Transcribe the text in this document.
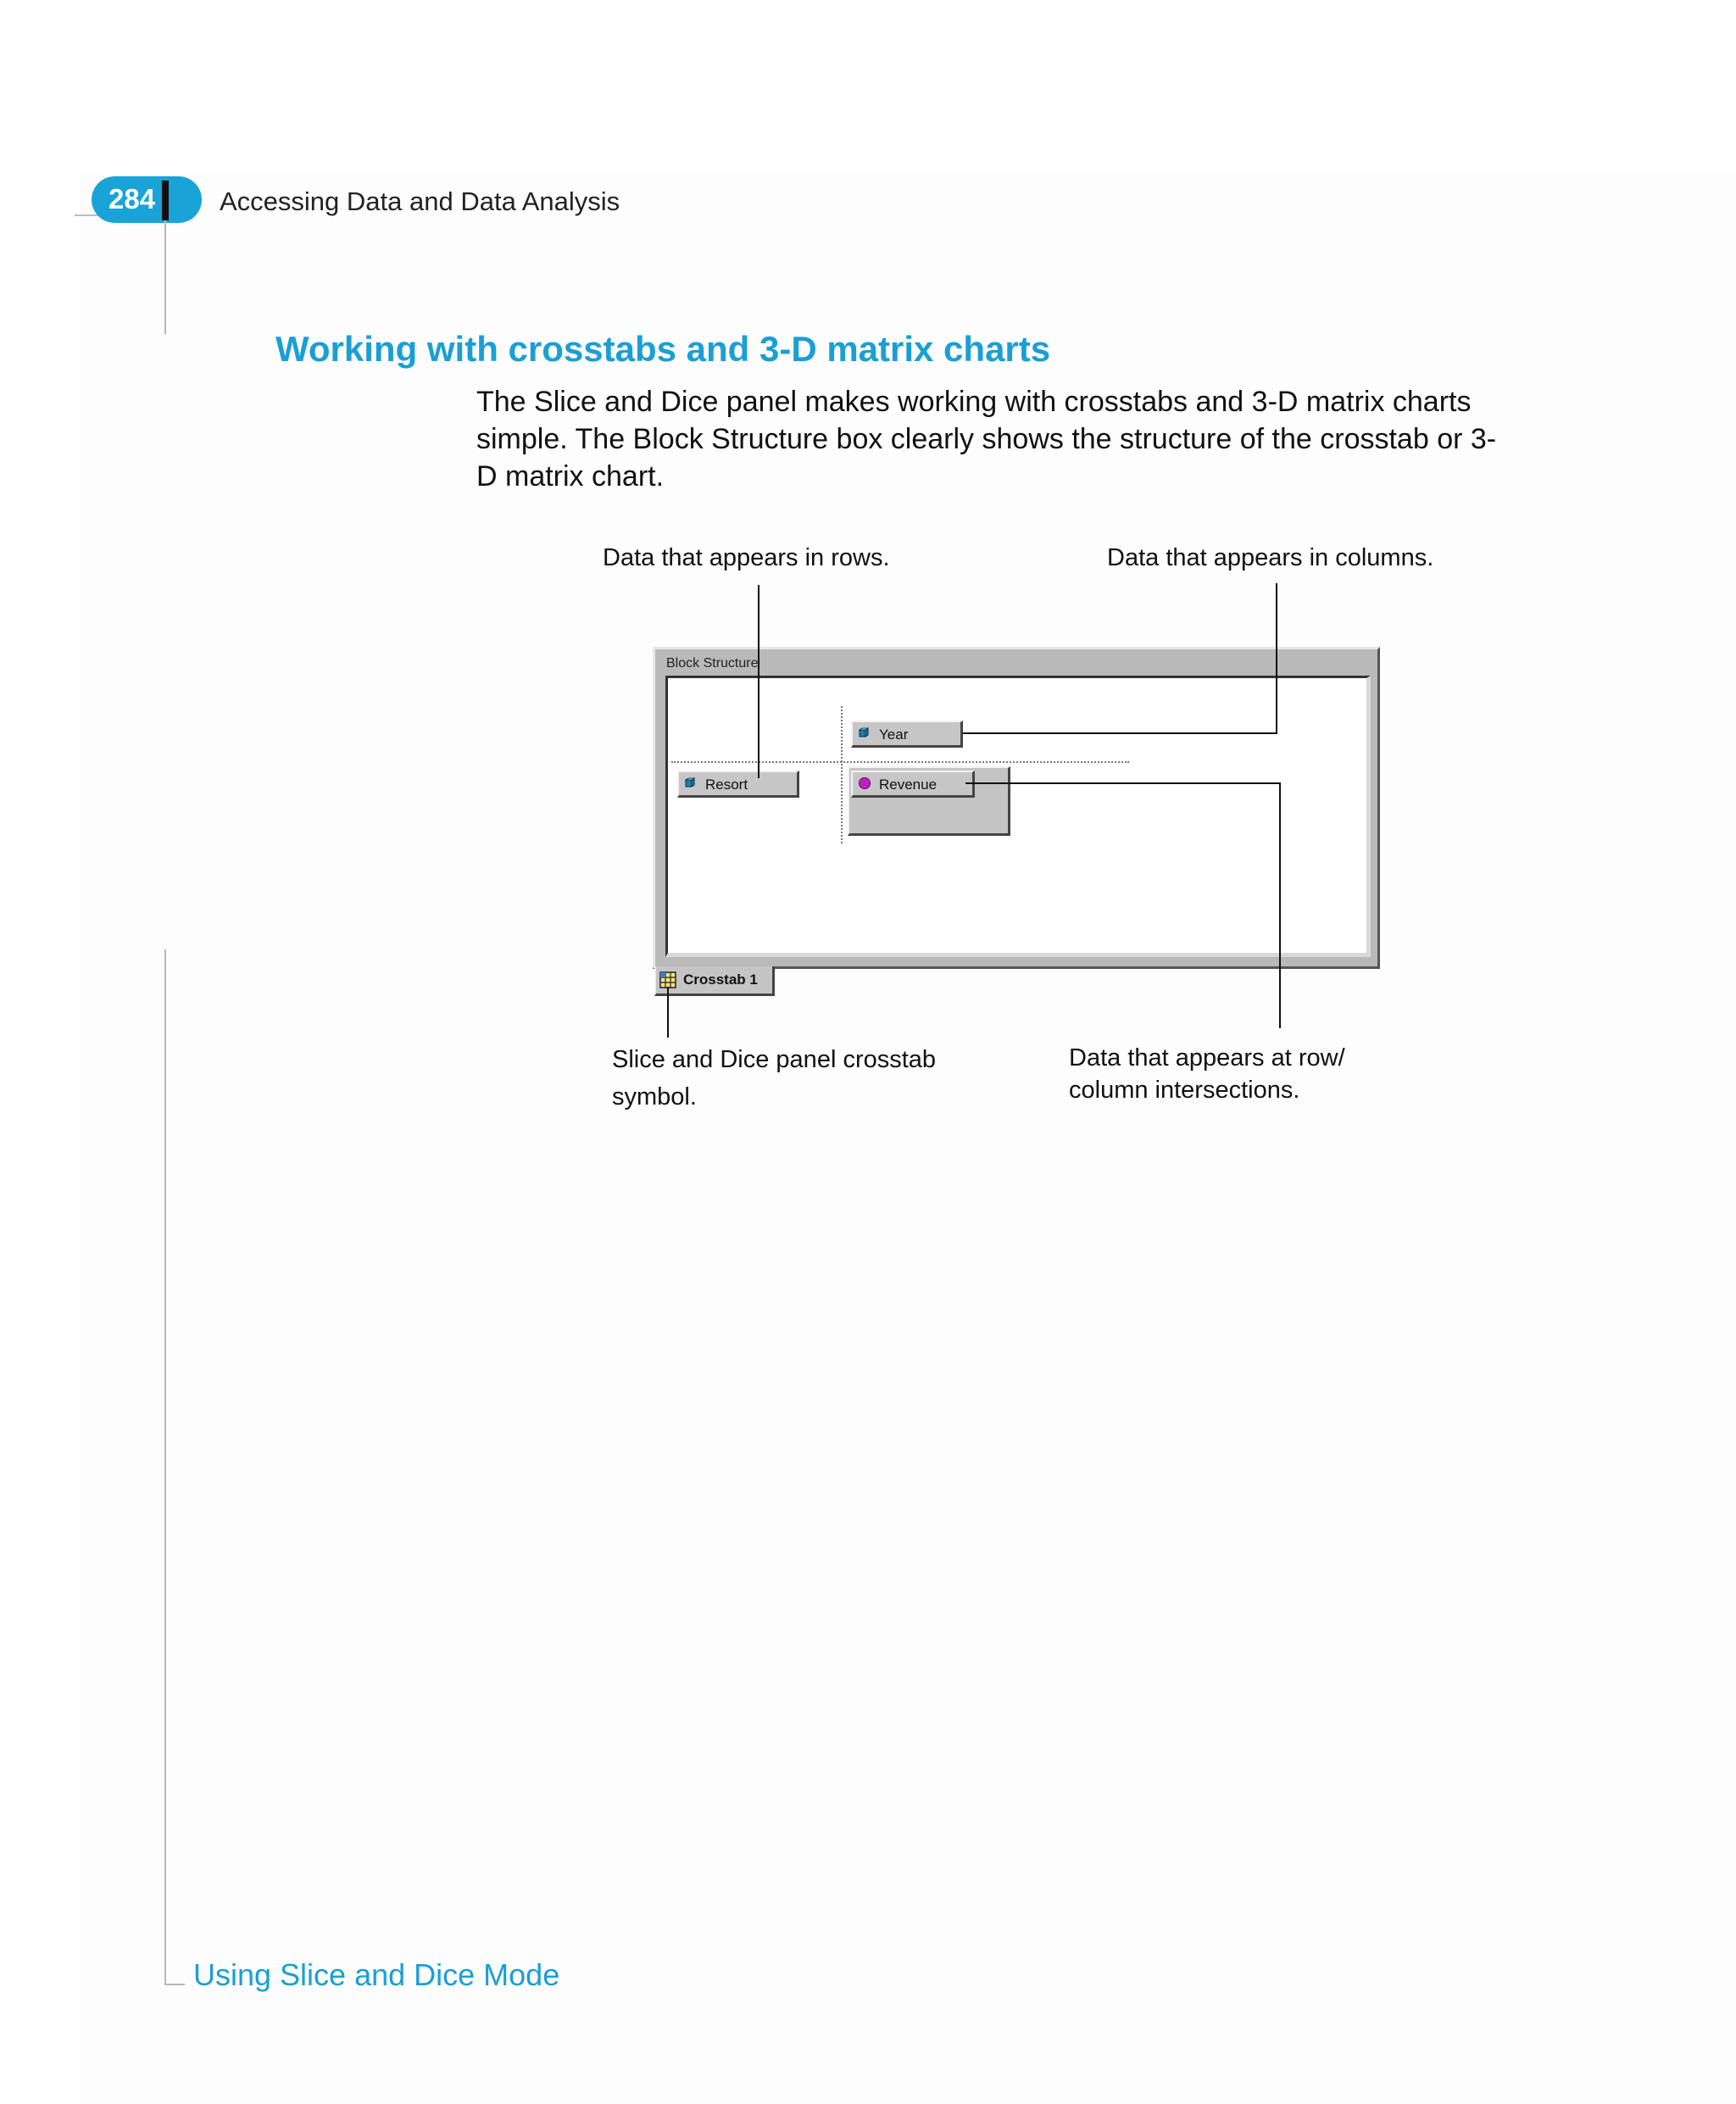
284 Accessing Data and Data Analysis
Using Slice and Dice Mode
Working with crosstabs and 3-D matrix charts
The Slice and Dice panel makes working with crosstabs and 3-D matrix charts
simple. The Block Structure box clearly shows the structure of the crosstab or 3-
D matrix chart.
Data that appears in rows.	Data that appears in columns.
Slice and Dice panel crosstab
symbol.
Data that appears at row/
column intersections.
Block Structure
Crosstab 1
Year
Resort	Revenue
